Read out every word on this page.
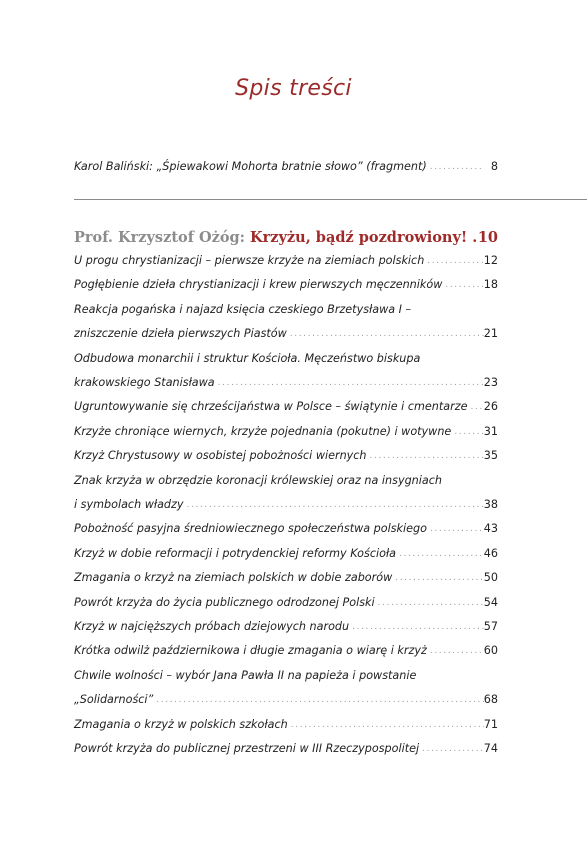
Spis treści
Karol Baliński: „Śpiewakowi Mohorta bratnie słowo” (fragment) .....	8
Prof. Krzysztof Ożóg : Krzyżu, bądź pozdrowiony! ..... 10
U progu chrystianizacji – pierwsze krzyże na ziemiach polskich .....	12
Pogłębienie dzieła chrystianizacji i krew pierwszych męczenników .....	18
Reakcja pogańska i najazd księcia czeskiego Brzetysława I –
zniszczenie dzieła pierwszych Piastów .....	21
Odbudowa monarchii i struktur Kościoła. Męczeństwo biskupa
krakowskiego Stanisława .....	23
Ugruntowywanie się chrześcijaństwa w Polsce – świątynie i cmentarze ..... 26
Krzyże chroniące wiernych, krzyże pojednania (pokutne) i wotywne .....	31
Krzyż Chrystusowy w osobistej pobożności wiernych .....	35
Znak krzyża w obrzędzie koronacji królewskiej oraz na insygniach
i symbolach władzy .....	38
Pobożność pasyjna średniowiecznego społeczeństwa polskiego .....	43
Krzyż w dobie reformacji i potrydenckiej reformy Kościoła .....	46
Zmagania o krzyż na ziemiach polskich w dobie zaborów .....	50
Powrót krzyża do życia publicznego odrodzonej Polski .....	54
Krzyż w najcięższych próbach dziejowych narodu .....	57
Krótka odwilż październikowa i długie zmagania o wiarę i krzyż .....	60
Chwile wolności – wybór Jana Pawła II na papieża i powstanie
„Solidarności” .....	68
Zmagania o krzyż w polskich szkołach .....	71
Powrót krzyża do publicznej przestrzeni w III Rzeczypospolitej .....	74
